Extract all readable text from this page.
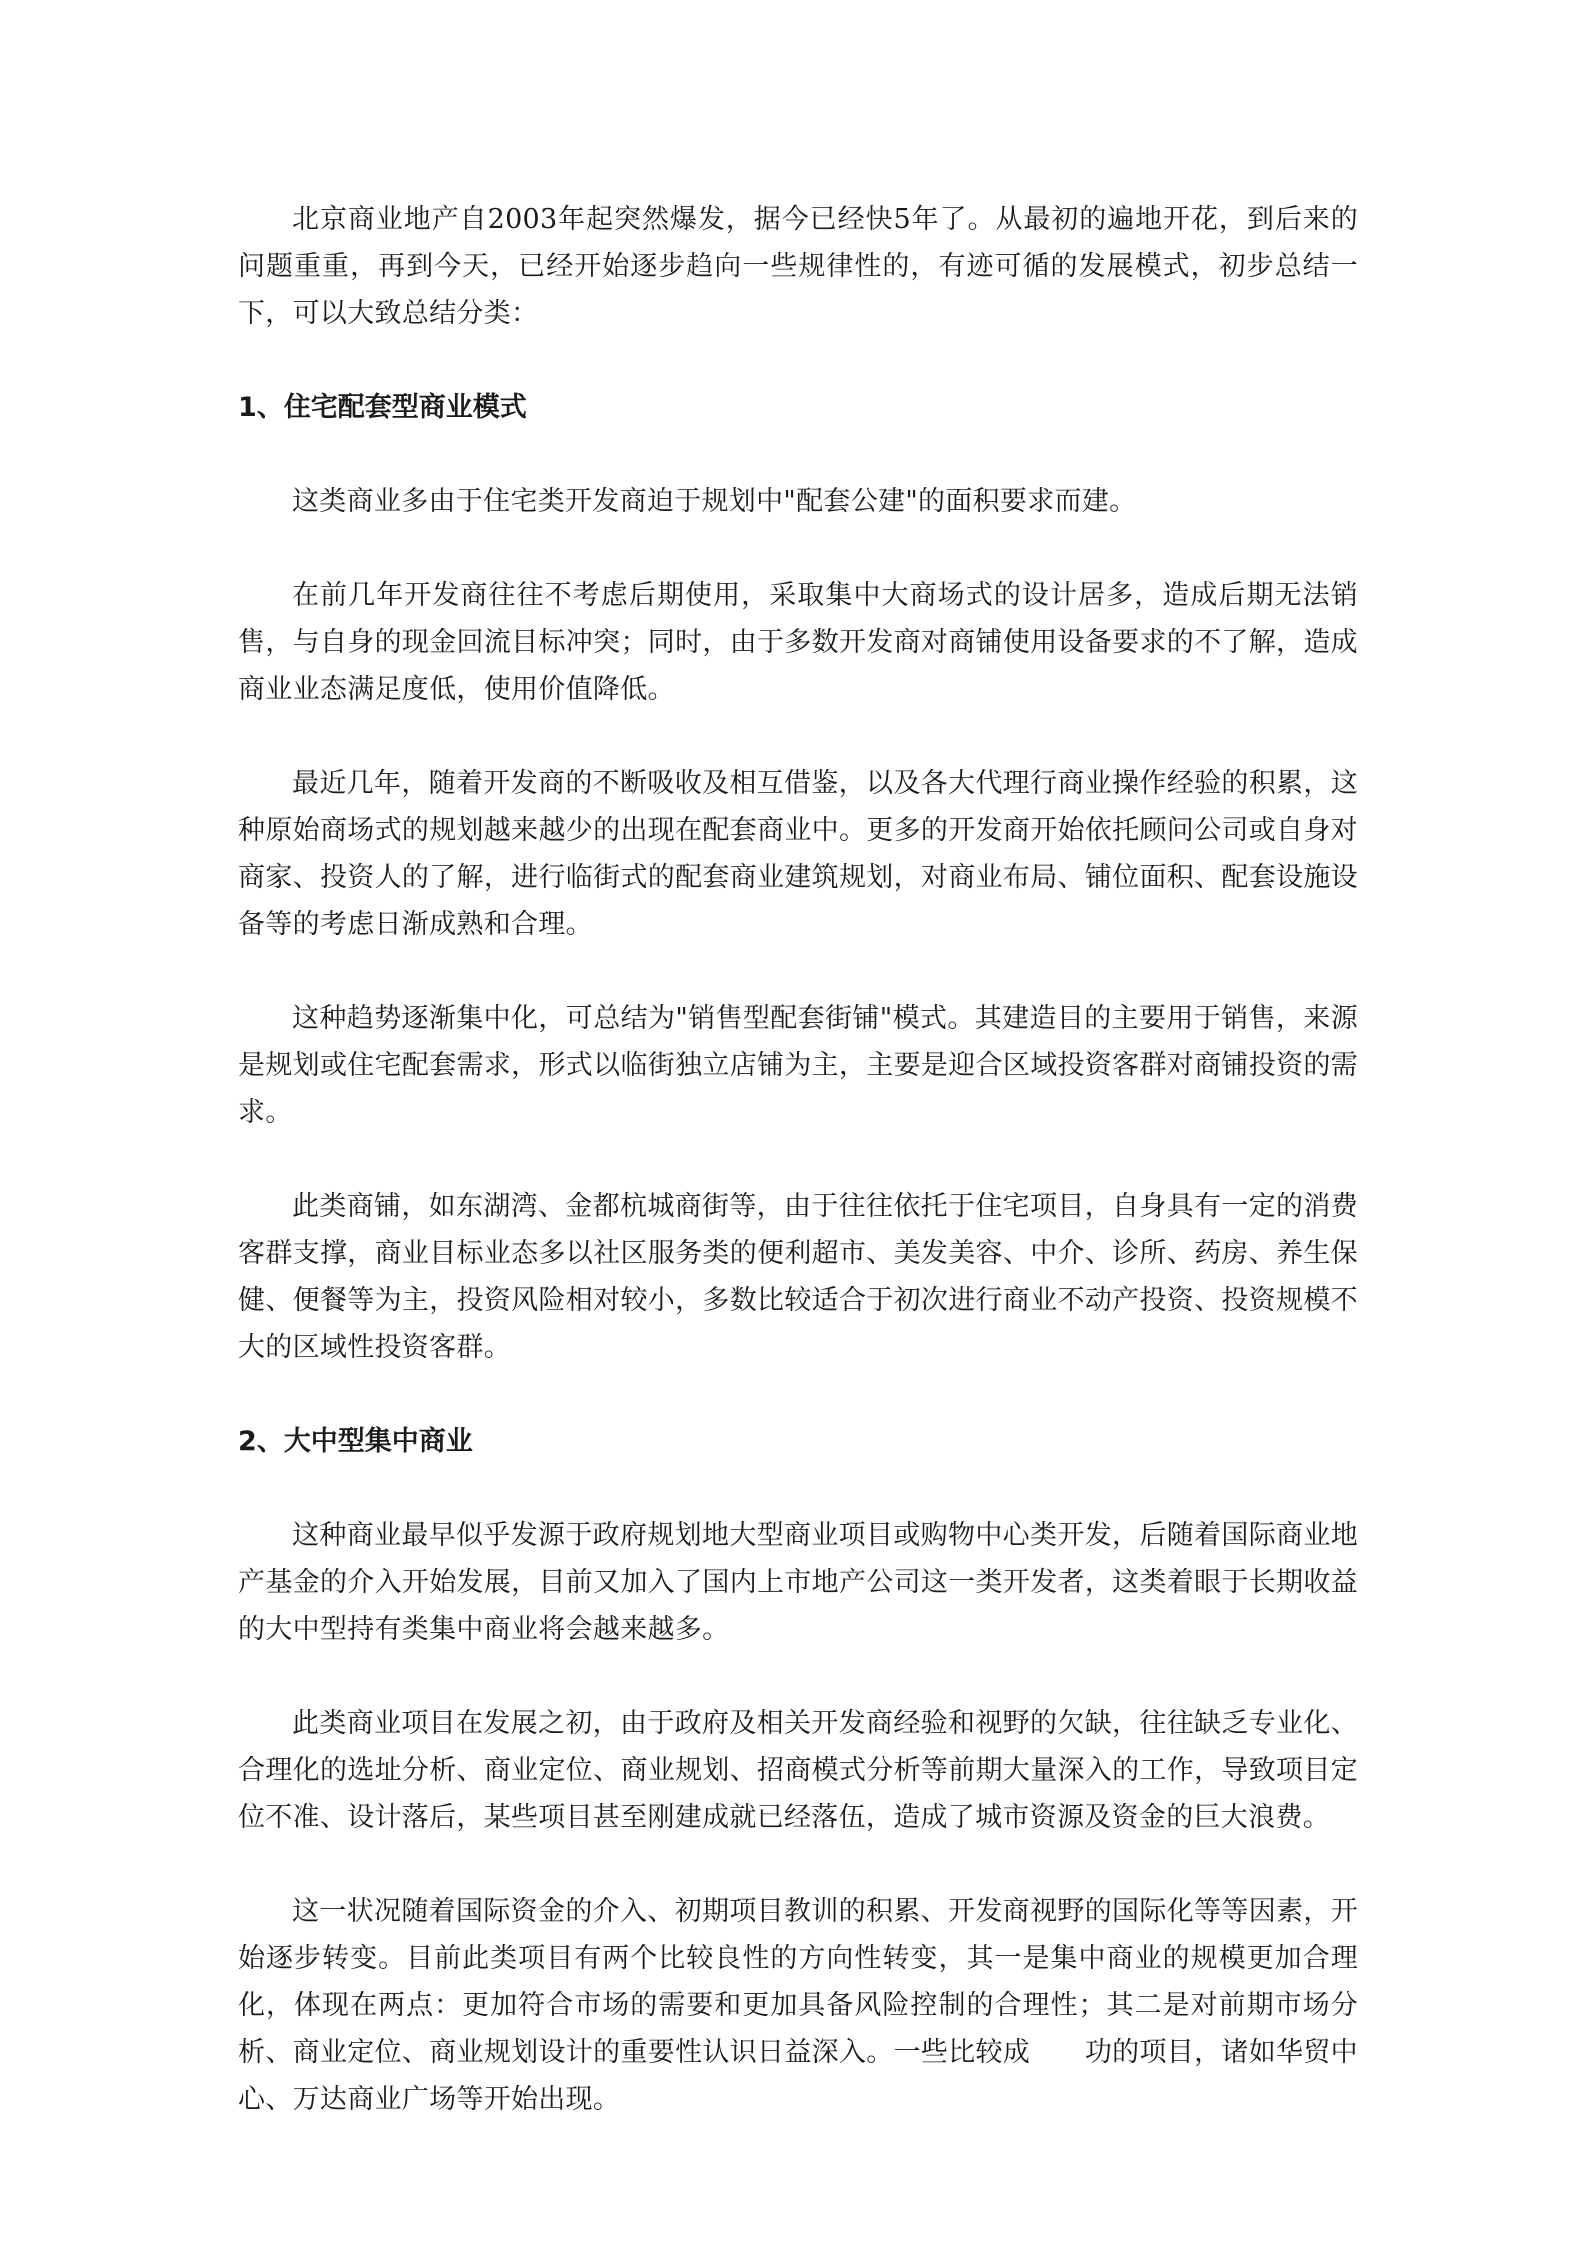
北京商业地产自2003年起突然爆发，据今已经快5年了。从最初的遍地开花，到后来的问题重重，再到今天，已经开始逐步趋向一些规律性的，有迹可循的发展模式，初步总结一下，可以大致总结分类：

1、住宅配套型商业模式

这类商业多由于住宅类开发商迫于规划中"配套公建"的面积要求而建。

在前几年开发商往往不考虑后期使用，采取集中大商场式的设计居多，造成后期无法销售，与自身的现金回流目标冲突；同时，由于多数开发商对商铺使用设备要求的不了解，造成商业业态满足度低，使用价值降低。

最近几年，随着开发商的不断吸收及相互借鉴，以及各大代理行商业操作经验的积累，这种原始商场式的规划越来越少的出现在配套商业中。更多的开发商开始依托顾问公司或自身对商家、投资人的了解，进行临街式的配套商业建筑规划，对商业布局、铺位面积、配套设施设备等的考虑日渐成熟和合理。

这种趋势逐渐集中化，可总结为"销售型配套街铺"模式。其建造目的主要用于销售，来源是规划或住宅配套需求，形式以临街独立店铺为主，主要是迎合区域投资客群对商铺投资的需求。

此类商铺，如东湖湾、金都杭城商街等，由于往往依托于住宅项目，自身具有一定的消费客群支撑，商业目标业态多以社区服务类的便利超市、美发美容、中介、诊所、药房、养生保健、便餐等为主，投资风险相对较小，多数比较适合于初次进行商业不动产投资、投资规模不大的区域性投资客群。

2、大中型集中商业

这种商业最早似乎发源于政府规划地大型商业项目或购物中心类开发，后随着国际商业地产基金的介入开始发展，目前又加入了国内上市地产公司这一类开发者，这类着眼于长期收益的大中型持有类集中商业将会越来越多。

此类商业项目在发展之初，由于政府及相关开发商经验和视野的欠缺，往往缺乏专业化、合理化的选址分析、商业定位、商业规划、招商模式分析等前期大量深入的工作，导致项目定位不准、设计落后，某些项目甚至刚建成就已经落伍，造成了城市资源及资金的巨大浪费。

这一状况随着国际资金的介入、初期项目教训的积累、开发商视野的国际化等等因素，开始逐步转变。目前此类项目有两个比较良性的方向性转变，其一是集中商业的规模更加合理化，体现在两点：更加符合市场的需要和更加具备风险控制的合理性；其二是对前期市场分析、商业定位、商业规划设计的重要性认识日益深入。一些比较成　　功的项目，诸如华贸中心、万达商业广场等开始出现。
